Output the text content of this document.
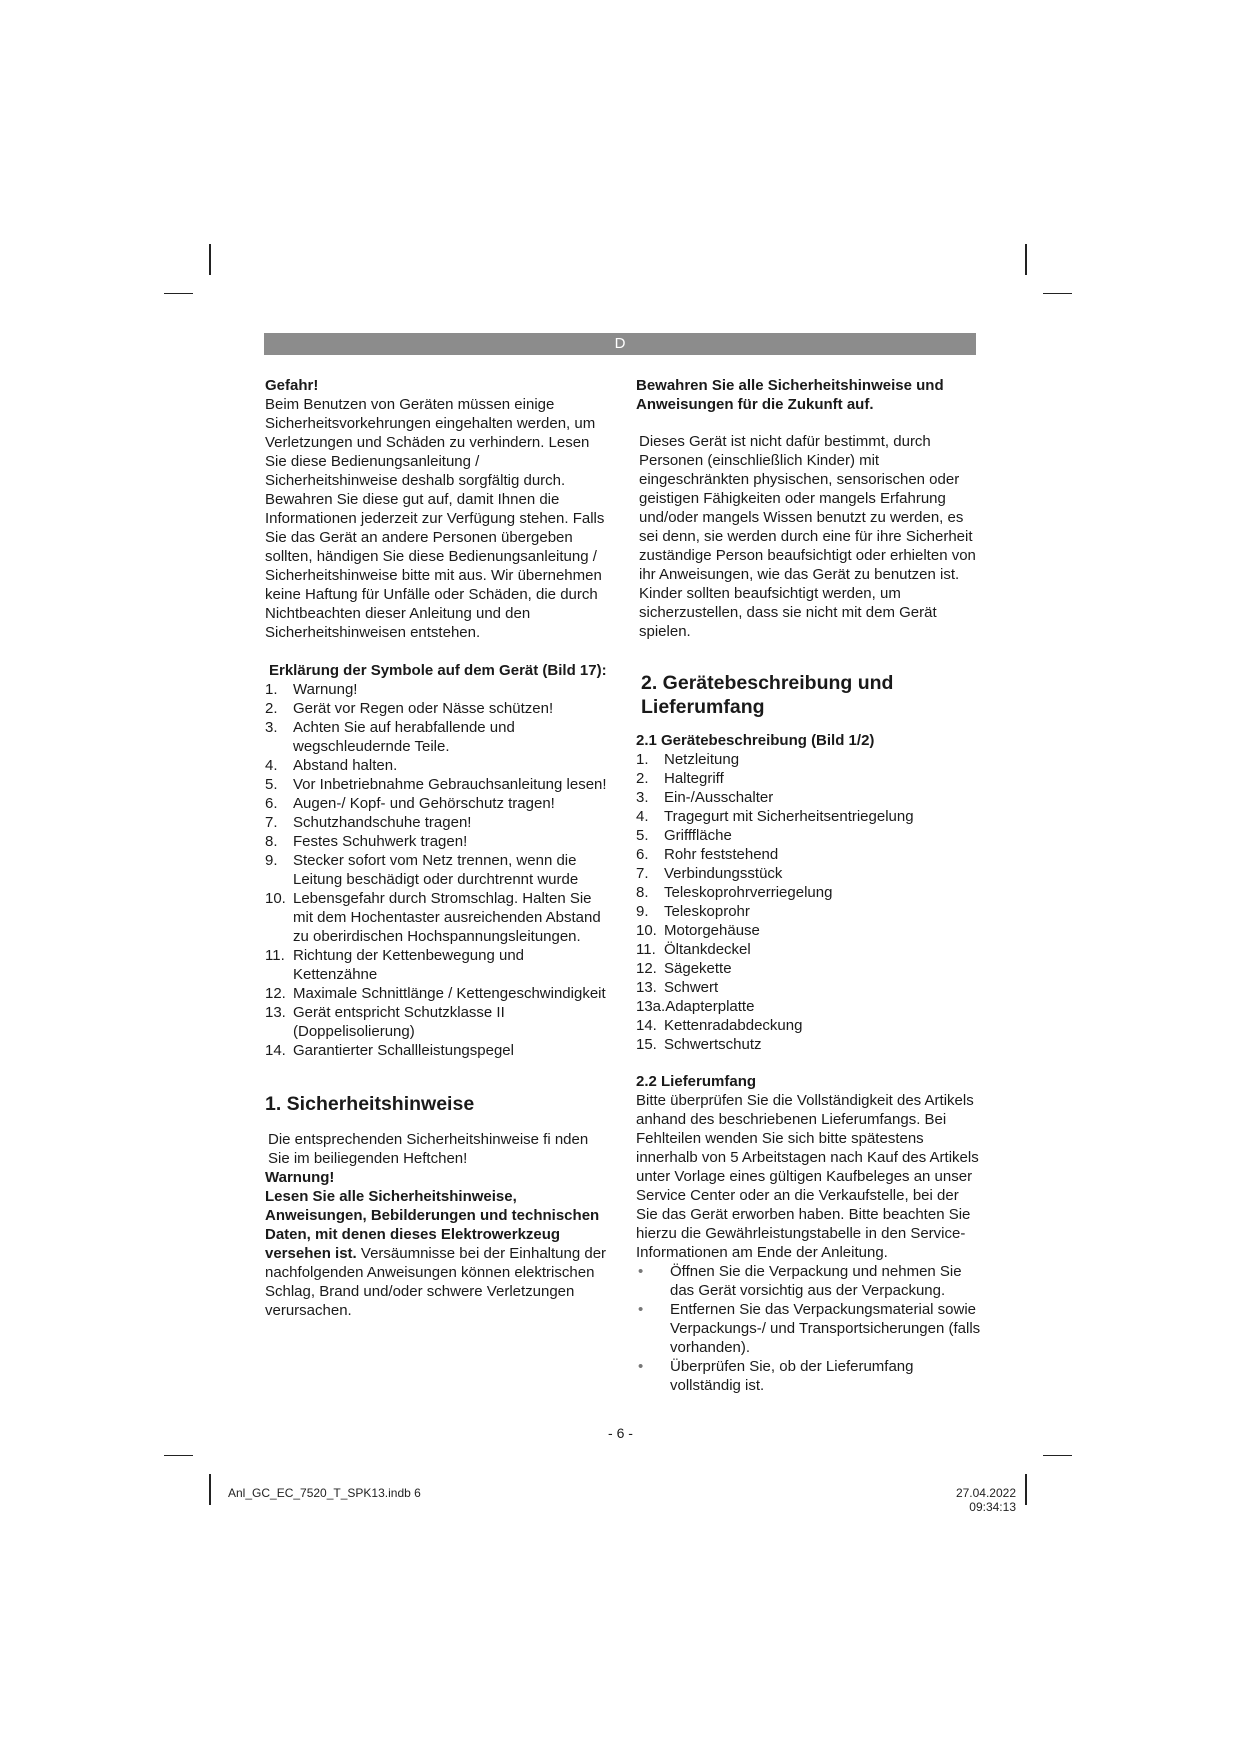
D

Gefahr!

Beim Benutzen von Geräten müssen einige Sicherheitsvorkehrungen eingehalten werden, um Verletzungen und Schäden zu verhindern. Lesen Sie diese Bedienungsanleitung / Sicherheitshinweise deshalb sorgfältig durch. Bewahren Sie diese gut auf, damit Ihnen die Informationen jederzeit zur Verfügung stehen. Falls Sie das Gerät an andere Personen übergeben sollten, händigen Sie diese Bedienungsanleitung / Sicherheitshinweise bitte mit aus. Wir übernehmen keine Haftung für Unfälle oder Schäden, die durch Nichtbeachten dieser Anleitung und den Sicherheitshinweisen entstehen.

Erklärung der Symbole auf dem Gerät (Bild 17):

1.	Warnung!
2.	Gerät vor Regen oder Nässe schützen!
3.	Achten Sie auf herabfallende und wegschleudernde Teile.
4.	Abstand halten.
5.	Vor Inbetriebnahme Gebrauchsanleitung lesen!
6.	Augen-/ Kopf- und Gehörschutz tragen!
7.	Schutzhandschuhe tragen!
8.	Festes Schuhwerk tragen!
9.	Stecker sofort vom Netz trennen, wenn die Leitung beschädigt oder durchtrennt wurde
10. Lebensgefahr durch Stromschlag. Halten Sie mit dem Hochentaster ausreichenden Abstand zu oberirdischen Hochspannungsleitungen.
11. Richtung der Kettenbewegung und Kettenzähne
12. Maximale Schnittlänge / Kettengeschwindigkeit
13. Gerät entspricht Schutzklasse II (Doppelisolierung)
14. Garantierter Schallleistungspegel

1. Sicherheitshinweise

Die entsprechenden Sicherheitshinweise fi nden Sie im beiliegenden Heftchen!

Warnung!

Lesen Sie alle Sicherheitshinweise, Anweisungen, Bebilderungen und technischen Daten, mit denen dieses Elektrowerkzeug versehen ist. Versäumnisse bei der Einhaltung der nachfolgenden Anweisungen können elektrischen Schlag, Brand und/oder schwere Verletzungen verursachen.

Bewahren Sie alle Sicherheitshinweise und Anweisungen für die Zukunft auf.

Dieses Gerät ist nicht dafür bestimmt, durch Personen (einschließlich Kinder) mit eingeschränkten physischen, sensorischen oder geistigen Fähigkeiten oder mangels Erfahrung und/oder mangels Wissen benutzt zu werden, es sei denn, sie werden durch eine für ihre Sicherheit zuständige Person beaufsichtigt oder erhielten von ihr Anweisungen, wie das Gerät zu benutzen ist. Kinder sollten beaufsichtigt werden, um sicherzustellen, dass sie nicht mit dem Gerät spielen.

2. Gerätebeschreibung und Lieferumfang

2.1 Gerätebeschreibung (Bild 1/2)

1.	Netzleitung
2.	Haltegriff
3.	Ein-/Ausschalter
4.	Tragegurt mit Sicherheitsentriegelung
5.	Grifffläche
6.	Rohr feststehend
7.	Verbindungsstück
8.	Teleskoprohrverriegelung
9.	Teleskoprohr
10. Motorgehäuse
11. Öltankdeckel
12. Sägekette
13. Schwert
13a. Adapterplatte
14. Kettenradabdeckung
15. Schwertschutz

2.2 Lieferumfang

Bitte überprüfen Sie die Vollständigkeit des Artikels anhand des beschriebenen Lieferumfangs. Bei Fehlteilen wenden Sie sich bitte spätestens innerhalb von 5 Arbeitstagen nach Kauf des Artikels unter Vorlage eines gültigen Kaufbeleges an unser Service Center oder an die Verkaufstelle, bei der Sie das Gerät erworben haben. Bitte beachten Sie hierzu die Gewährleistungstabelle in den Service-Informationen am Ende der Anleitung.

•	Öffnen Sie die Verpackung und nehmen Sie das Gerät vorsichtig aus der Verpackung.
•	Entfernen Sie das Verpackungsmaterial sowie Verpackungs-/ und Transportsicherungen (falls vorhanden).
•	Überprüfen Sie, ob der Lieferumfang vollständig ist.
- 6 -
Anl_GC_EC_7520_T_SPK13.indb 6	27.04.2022 09:34:13
